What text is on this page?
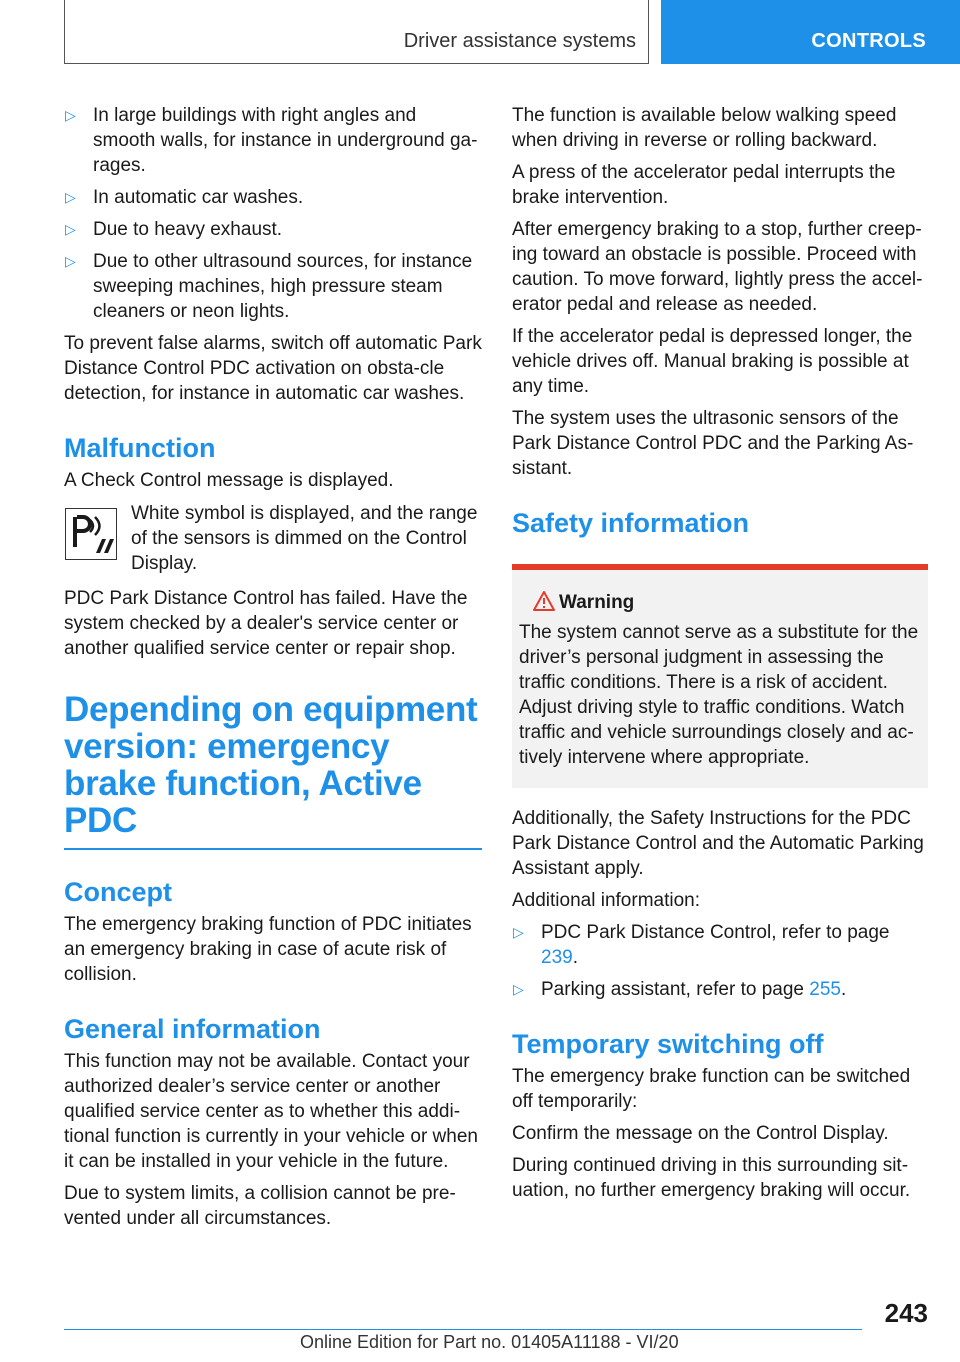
Driver assistance systems	CONTROLS
▷ In large buildings with right angles and smooth walls, for instance in underground ga‐rages.
▷ In automatic car washes.
▷ Due to heavy exhaust.
▷ Due to other ultrasound sources, for instance sweeping machines, high pressure steam cleaners or neon lights.

To prevent false alarms, switch off automatic Park Distance Control PDC activation on obsta‐cle detection, for instance in automatic car washes.

Malfunction

A Check Control message is displayed.

White symbol is displayed, and the range of the sensors is dimmed on the Control Display.

PDC Park Distance Control has failed. Have the system checked by a dealer's service center or another qualified service center or repair shop.

Depending on equipment version: emergency brake function, Active PDC
Concept

The emergency braking function of PDC initiates an emergency braking in case of acute risk of collision.

General information

This function may not be available. Contact your authorized dealer’s service center or another qualified service center as to whether this addi‐tional function is currently in your vehicle or when it can be installed in your vehicle in the future.

Due to system limits, a collision cannot be pre‐vented under all circumstances.

The function is available below walking speed when driving in reverse or rolling backward.

A press of the accelerator pedal interrupts the brake intervention.

After emergency braking to a stop, further creep‐ing toward an obstacle is possible. Proceed with caution. To move forward, lightly press the accel‐erator pedal and release as needed.

If the accelerator pedal is depressed longer, the vehicle drives off. Manual braking is possible at any time.

The system uses the ultrasonic sensors of the Park Distance Control PDC and the Parking As‐sistant.

Safety information
Warning
The system cannot serve as a substitute for the driver’s personal judgment in assessing the traffic conditions. There is a risk of accident. Adjust driving style to traffic conditions. Watch traffic and vehicle surroundings closely and ac‐tively intervene where appropriate.

Additionally, the Safety Instructions for the PDC Park Distance Control and the Automatic Parking Assistant apply.

Additional information:

▷ PDC Park Distance Control, refer to page 239.
▷ Parking assistant, refer to page 255.
Temporary switching off

The emergency brake function can be switched off temporarily:

Confirm the message on the Control Display.

During continued driving in this surrounding sit‐uation, no further emergency braking will occur.

243
Online Edition for Part no. 01405A11188 - VI/20
